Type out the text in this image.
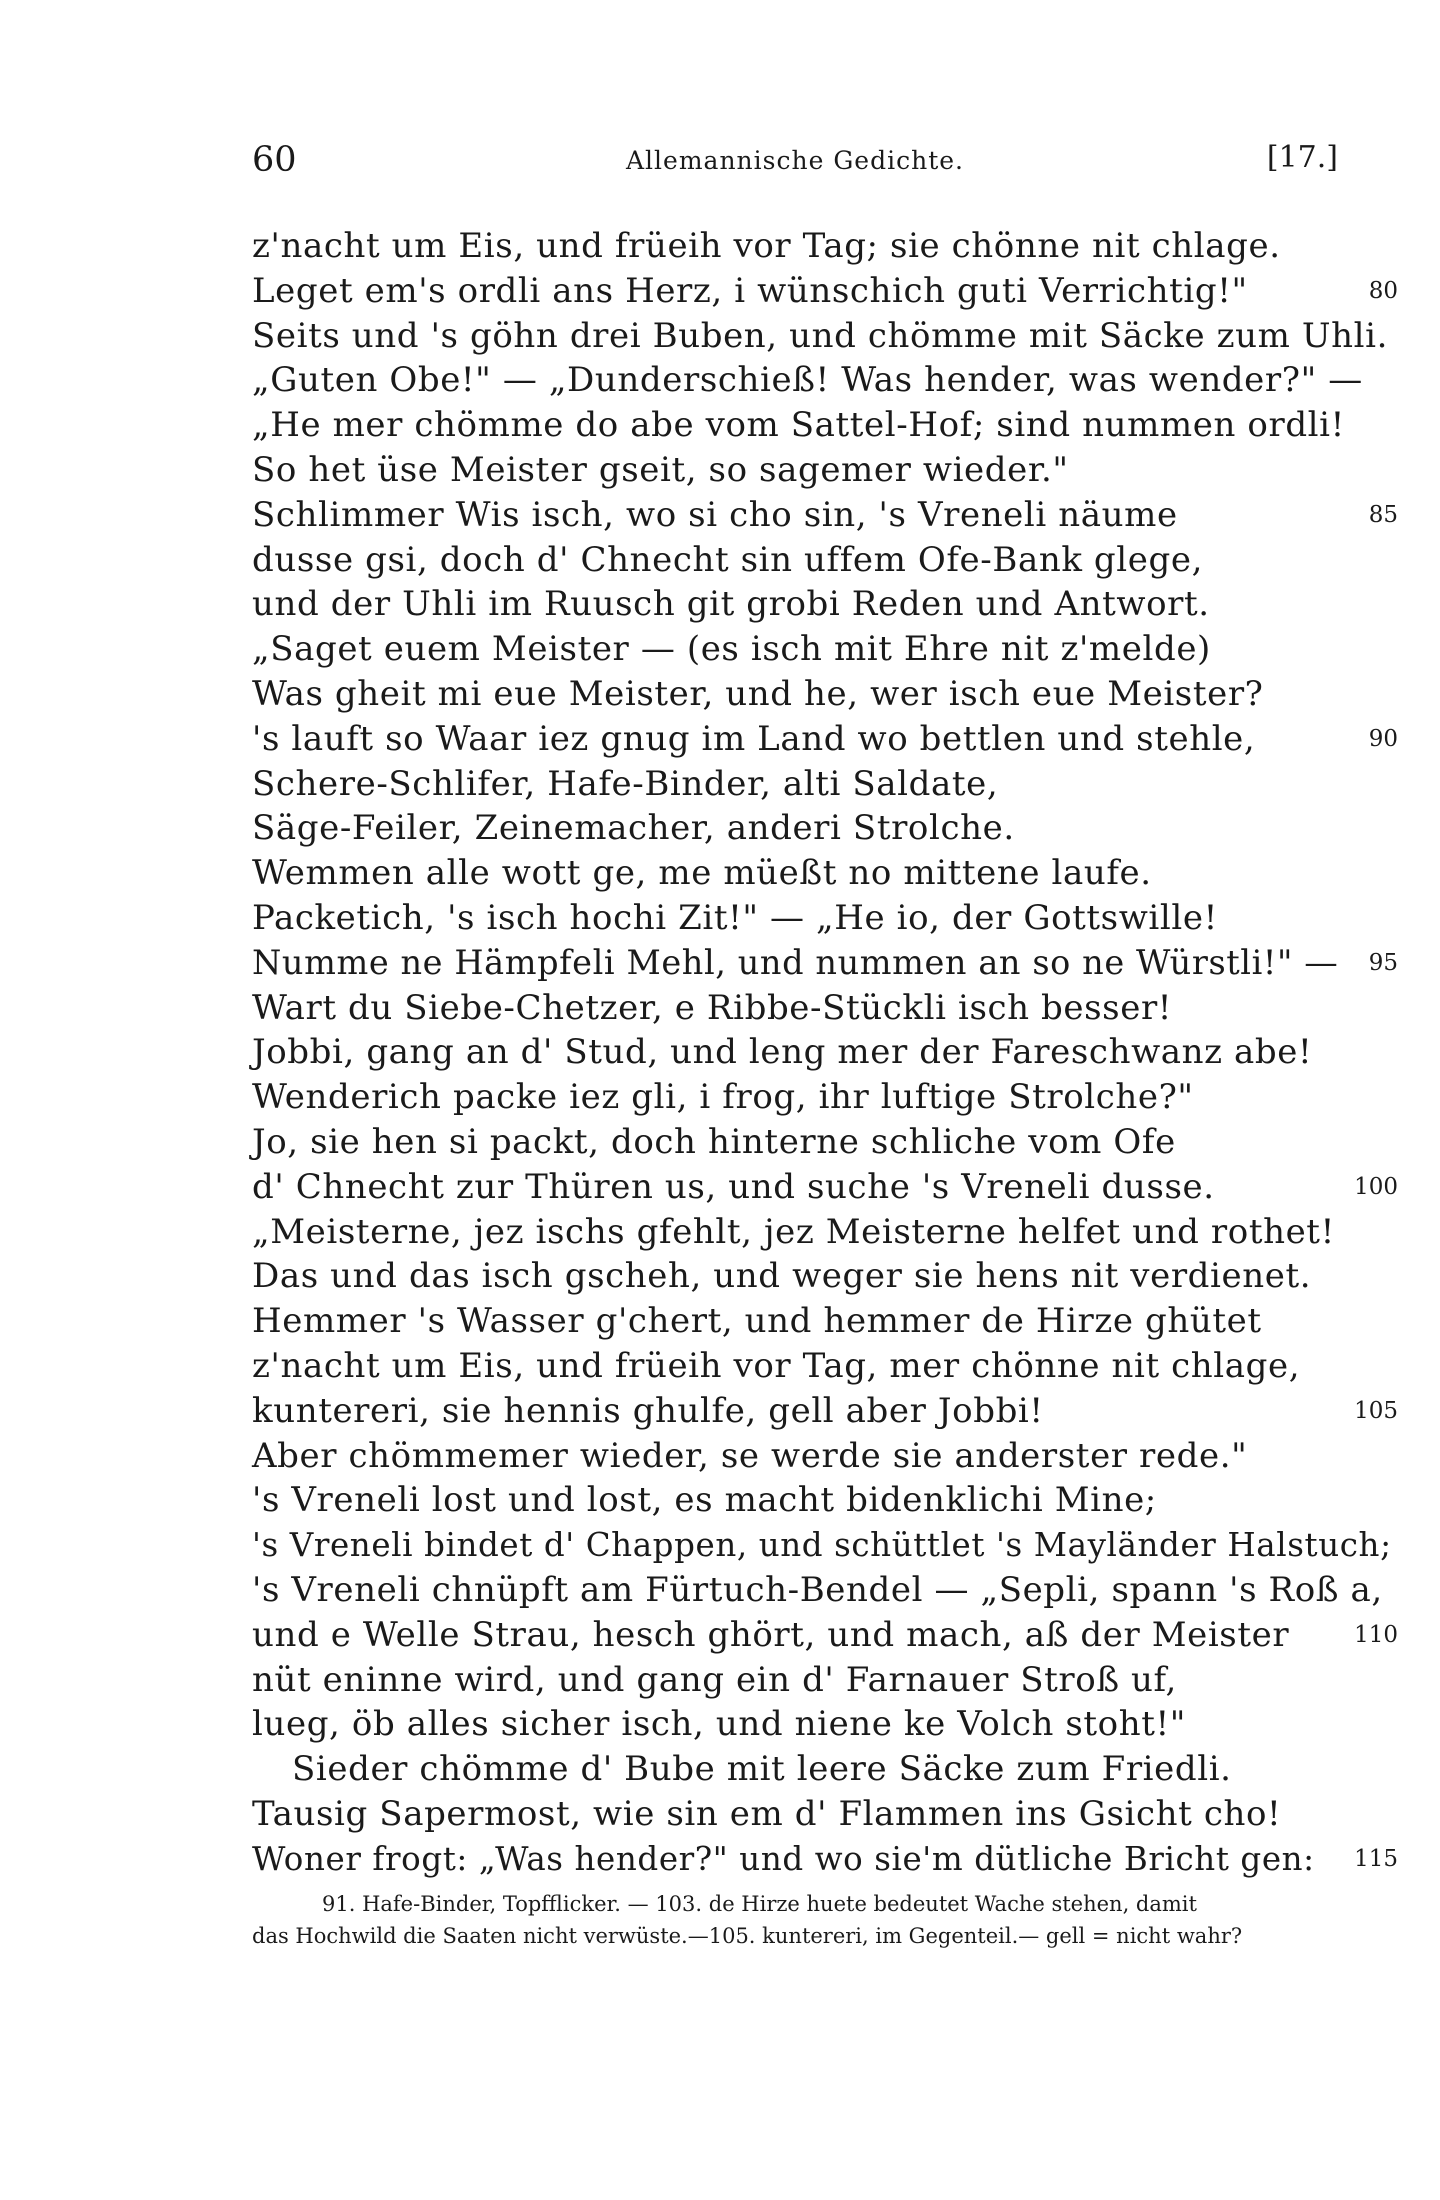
60	Allemannische Gedichte.	[17.]
z'nacht um Eis, und früeih vor Tag; sie chönne nit chlage.
Leget em's ordli ans Herz, i wünschich guti Verrichtig!"	80
Seits und 's göhn drei Buben, und chömme mit Säcke zum Uhli.
„Guten Obe!" — „Dunderschieß! Was hender, was wender?" —
„He mer chömme do abe vom Sattel-Hof; sind nummen ordli!
So het üse Meister gseit, so sagemer wieder."
Schlimmer Wis isch, wo si cho sin, 's Vreneli näume	85
dusse gsi, doch d' Chnecht sin uffem Ofe-Bank glege,
und der Uhli im Ruusch git grobi Reden und Antwort.
„Saget euem Meister — (es isch mit Ehre nit z'melde)
Was gheit mi eue Meister, und he, wer isch eue Meister?
's lauft so Waar iez gnug im Land wo bettlen und stehle,	90
Schere-Schlifer, Hafe-Binder, alti Saldate,
Säge-Feiler, Zeinemacher, anderi Strolche.
Wemmen alle wott ge, me müeßt no mittene laufe.
Packetich, 's isch hochi Zit!" — „He io, der Gottswille!
Numme ne Hämpfeli Mehl, und nummen an so ne Würstli!" — 95
Wart du Siebe-Chetzer, e Ribbe-Stückli isch besser!
Jobbi, gang an d' Stud, und leng mer der Fareschwanz abe!
Wenderich packe iez gli, i frog, ihr luftige Strolche?"
Jo, sie hen si packt, doch hinterne schliche vom Ofe
d' Chnecht zur Thüren us, und suche 's Vreneli dusse.	100
„Meisterne, jez ischs gfehlt, jez Meisterne helfet und rothet!
Das und das isch gscheh, und weger sie hens nit verdienet.
Hemmer 's Wasser g'chert, und hemmer de Hirze ghütet
z'nacht um Eis, und früeih vor Tag, mer chönne nit chlage,
kuntereri, sie hennis ghulfe, gell aber Jobbi!	105
Aber chömmemer wieder, se werde sie anderster rede."
's Vreneli lost und lost, es macht bidenklichi Mine;
's Vreneli bindet d' Chappen, und schüttlet 's Mayländer Halstuch;
's Vreneli chnüpft am Fürtuch-Bendel — „Sepli, spann 's Roß a,
und e Welle Strau, hesch ghört, und mach, aß der Meister	110
nüt eninne wird, und gang ein d' Farnauer Stroß uf,
lueg, öb alles sicher isch, und niene ke Volch stoht!"
Sieder chömme d' Bube mit leere Säcke zum Friedli.
Tausig Sapermost, wie sin em d' Flammen ins Gsicht cho!
Woner frogt: „Was hender?" und wo sie'm dütliche Bricht gen: 115
91. Hafe-Binder, Topfflicker. — 103. de Hirze huete bedeutet Wache stehen, damit
das Hochwild die Saaten nicht verwüste.—105. kuntereri, im Gegenteil.— gell = nicht wahr?
